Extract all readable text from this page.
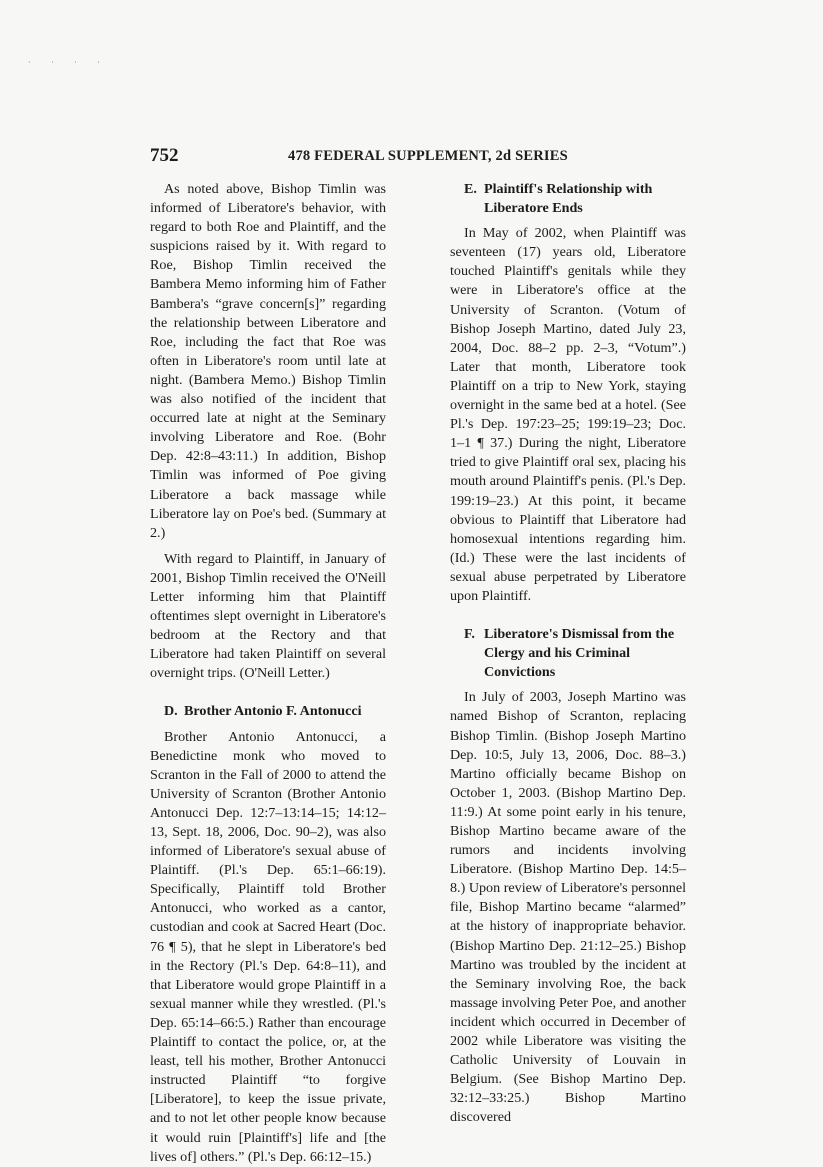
· · · ·
752	478 FEDERAL SUPPLEMENT, 2d SERIES

As noted above, Bishop Timlin was informed of Liberatore's behavior, with regard to both Roe and Plaintiff, and the suspicions raised by it. With regard to Roe, Bishop Timlin received the Bambera Memo informing him of Father Bambera's “grave concern[s]” regarding the relationship between Liberatore and Roe, including the fact that Roe was often in Liberatore's room until late at night. (Bambera Memo.) Bishop Timlin was also notified of the incident that occurred late at night at the Seminary involving Liberatore and Roe. (Bohr Dep. 42:8–43:11.) In addition, Bishop Timlin was informed of Poe giving Liberatore a back massage while Liberatore lay on Poe's bed. (Summary at 2.)

With regard to Plaintiff, in January of 2001, Bishop Timlin received the O'Neill Letter informing him that Plaintiff oftentimes slept overnight in Liberatore's bedroom at the Rectory and that Liberatore had taken Plaintiff on several overnight trips. (O'Neill Letter.)

D. Brother Antonio F. Antonucci

Brother Antonio Antonucci, a Benedictine monk who moved to Scranton in the Fall of 2000 to attend the University of Scranton (Brother Antonio Antonucci Dep. 12:7–13:14–15; 14:12–13, Sept. 18, 2006, Doc. 90–2), was also informed of Liberatore's sexual abuse of Plaintiff. (Pl.'s Dep. 65:1–66:19). Specifically, Plaintiff told Brother Antonucci, who worked as a cantor, custodian and cook at Sacred Heart (Doc. 76 ¶ 5), that he slept in Liberatore's bed in the Rectory (Pl.'s Dep. 64:8–11), and that Liberatore would grope Plaintiff in a sexual manner while they wrestled. (Pl.'s Dep. 65:14–66:5.) Rather than encourage Plaintiff to contact the police, or, at the least, tell his mother, Brother Antonucci instructed Plaintiff “to forgive [Liberatore], to keep the issue private, and to not let other people know because it would ruin [Plaintiff's] life and [the lives of] others.” (Pl.'s Dep. 66:12–15.)

E. Plaintiff's Relationship with Liberatore Ends

In May of 2002, when Plaintiff was seventeen (17) years old, Liberatore touched Plaintiff's genitals while they were in Liberatore's office at the University of Scranton. (Votum of Bishop Joseph Martino, dated July 23, 2004, Doc. 88–2 pp. 2–3, “Votum”.) Later that month, Liberatore took Plaintiff on a trip to New York, staying overnight in the same bed at a hotel. (See Pl.'s Dep. 197:23–25; 199:19–23; Doc. 1–1 ¶ 37.) During the night, Liberatore tried to give Plaintiff oral sex, placing his mouth around Plaintiff's penis. (Pl.'s Dep. 199:19–23.) At this point, it became obvious to Plaintiff that Liberatore had homosexual intentions regarding him. (Id.) These were the last incidents of sexual abuse perpetrated by Liberatore upon Plaintiff.

F. Liberatore's Dismissal from the Clergy and his Criminal Convictions

In July of 2003, Joseph Martino was named Bishop of Scranton, replacing Bishop Timlin. (Bishop Joseph Martino Dep. 10:5, July 13, 2006, Doc. 88–3.) Martino officially became Bishop on October 1, 2003. (Bishop Martino Dep. 11:9.) At some point early in his tenure, Bishop Martino became aware of the rumors and incidents involving Liberatore. (Bishop Martino Dep. 14:5–8.) Upon review of Liberatore's personnel file, Bishop Martino became “alarmed” at the history of inappropriate behavior. (Bishop Martino Dep. 21:12–25.) Bishop Martino was troubled by the incident at the Seminary involving Roe, the back massage involving Peter Poe, and another incident which occurred in December of 2002 while Liberatore was visiting the Catholic University of Louvain in Belgium. (See Bishop Martino Dep. 32:12–33:25.) Bishop Martino discovered
